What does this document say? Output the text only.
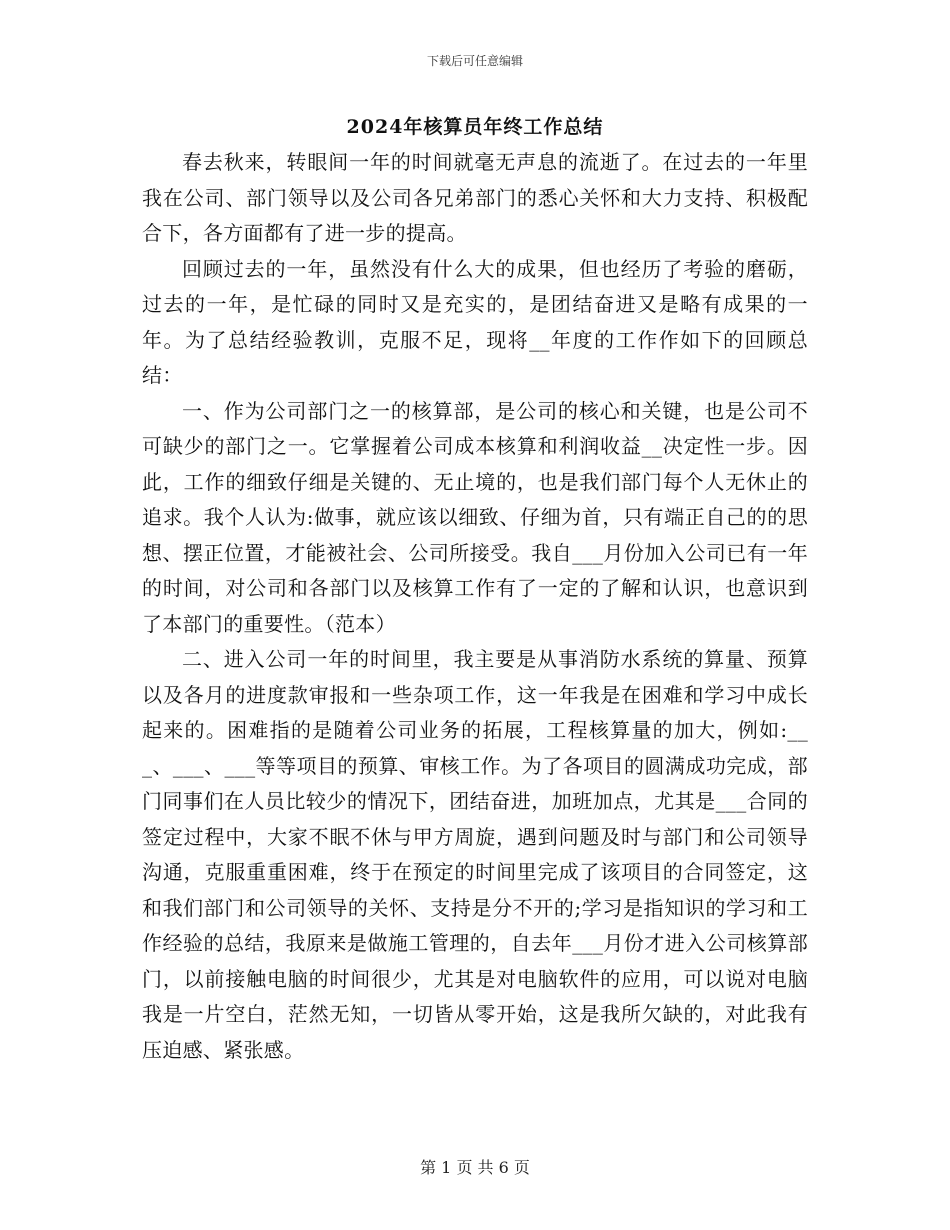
下载后可任意编辑
2024年核算员年终工作总结

春去秋来，转眼间一年的时间就毫无声息的流逝了。在过去的一年里我在公司、部门领导以及公司各兄弟部门的悉心关怀和大力支持、积极配合下，各方面都有了进一步的提高。

回顾过去的一年，虽然没有什么大的成果，但也经历了考验的磨砺，过去的一年，是忙碌的同时又是充实的，是团结奋进又是略有成果的一年。为了总结经验教训，克服不足，现将__年度的工作作如下的回顾总结：

一、作为公司部门之一的核算部，是公司的核心和关键，也是公司不可缺少的部门之一。它掌握着公司成本核算和利润收益__决定性一步。因此，工作的细致仔细是关键的、无止境的，也是我们部门每个人无休止的追求。我个人认为:做事，就应该以细致、仔细为首，只有端正自己的的思想、摆正位置，才能被社会、公司所接受。我自___月份加入公司已有一年的时间，对公司和各部门以及核算工作有了一定的了解和认识，也意识到了本部门的重要性。（范本）

二、进入公司一年的时间里，我主要是从事消防水系统的算量、预算以及各月的进度款审报和一些杂项工作，这一年我是在困难和学习中成长起来的。困难指的是随着公司业务的拓展，工程核算量的加大，例如:___、___、___等等项目的预算、审核工作。为了各项目的圆满成功完成，部门同事们在人员比较少的情况下，团结奋进，加班加点，尤其是___合同的签定过程中，大家不眠不休与甲方周旋，遇到问题及时与部门和公司领导沟通，克服重重困难，终于在预定的时间里完成了该项目的合同签定，这和我们部门和公司领导的关怀、支持是分不开的;学习是指知识的学习和工作经验的总结，我原来是做施工管理的，自去年___月份才进入公司核算部门，以前接触电脑的时间很少，尤其是对电脑软件的应用，可以说对电脑我是一片空白，茫然无知，一切皆从零开始，这是我所欠缺的，对此我有压迫感、紧张感。

第 1 页 共 6 页
